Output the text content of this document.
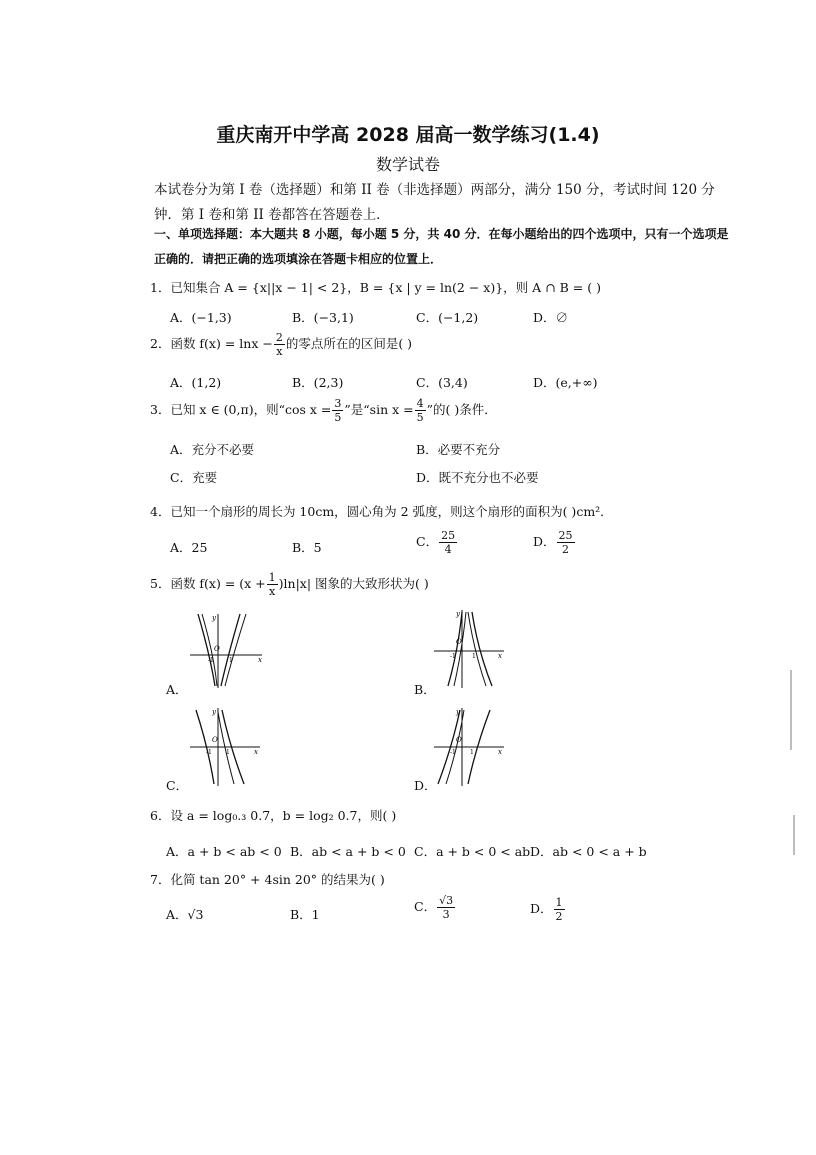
重庆南开中学高 2028 届高一数学练习(1.4)
数学试卷
本试卷分为第 I 卷（选择题）和第 II 卷（非选择题）两部分，满分 150 分，考试时间 120 分钟．第 I 卷和第 II 卷都答在答题卷上．
一、单项选择题：本大题共 8 小题，每小题 5 分，共 40 分．在每小题给出的四个选项中，只有一个选项是正确的．请把正确的选项填涂在答题卡相应的位置上．
1．已知集合 A = {x||x − 1| < 2}，B = {x | y = ln(2 − x)}，则 A ∩ B = ( )
A．(−1,3)	B．(−3,1)	C．(−1,2)	D．∅
2．函数 $f(x) = \ln x - \frac{2}{x}$ 的零点所在的区间是( )
A．(1,2)	B．(2,3)	C．(3,4)	D．(e,+∞)
3．已知 x ∈ (0,π)，则“cos $x = \frac{3}{5}$ ”是“sin $x = \frac{4}{5}$ ”的( )条件．
A．充分不必要	B．必要不充分
C．充要	D．既不充分也不必要
4．已知一个扇形的周长为 10cm，圆心角为 2 弧度，则这个扇形的面积为( )cm²．
A．25	B．5	C． $\frac{25}{4}$	D． $\frac{25}{2}$
5．函数 $f(x) = (x + \frac{1}{x} )\ln|x|$ 图象的大致形状为( )
A．
y
x
O
-1	1
B．
y
x
O
-1	1
C．
y
x
O
-1 1
D．
y
x
O
-1 1
6．设 a = log₀.₃ 0.7，b = log₂ 0.7，则( )
A．a + b < ab < 0 B．ab < a + b < 0 C．a + b < 0 < ab D．ab < 0 < a + b
7．化简 tan 20° + 4sin 20° 的结果为( )
A．√3	B．1
C． $\frac{√3}{3}$	D． $\frac{1}{2}$
